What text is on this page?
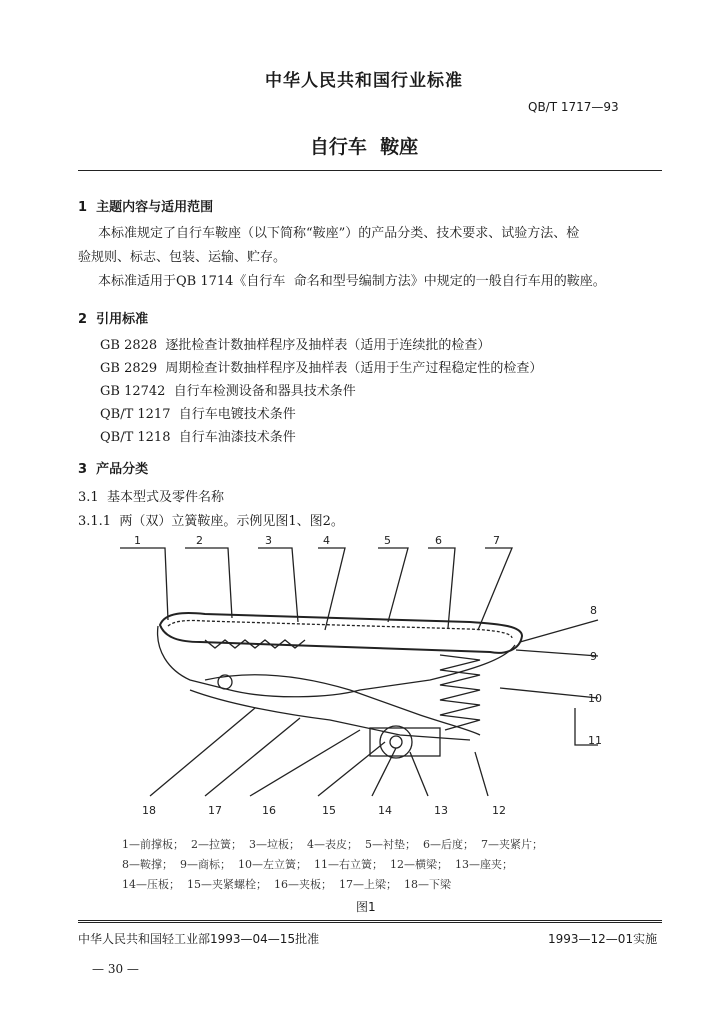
中华人民共和国行业标准
QB/T 1717—93
自行车  鞍座
1  主题内容与适用范围
本标准规定了自行车鞍座（以下简称“鞍座”）的产品分类、技术要求、试验方法、检
验规则、标志、包装、运输、贮存。
本标准适用于QB 1714《自行车  命名和型号编制方法》中规定的一般自行车用的鞍座。
2  引用标准
GB 2828  逐批检查计数抽样程序及抽样表（适用于连续批的检查）
GB 2829  周期检查计数抽样程序及抽样表（适用于生产过程稳定性的检查）
GB 12742  自行车检测设备和器具技术条件
QB/T 1217  自行车电镀技术条件
QB/T 1218  自行车油漆技术条件
3  产品分类
3.1  基本型式及零件名称
3.1.1  两（双）立簧鞍座。示例见图1、图2。
1	2	3	4	5	6	7
8
9
10
11
18	17	16	15	14	13	12
1—前撑板；  2—拉簧；  3—垃板；  4—表皮；  5—衬垫；  6—后度；  7—夹紧片；
8—鞍撑；  9—商标；  10—左立簧；  11—右立簧；  12—横梁；  13—座夹；
14—压板；  15—夹紧螺栓；  16—夹板；  17—上梁；  18—下梁
图1
中华人民共和国轻工业部1993—04—15批准	1993—12—01实施
— 30 —
